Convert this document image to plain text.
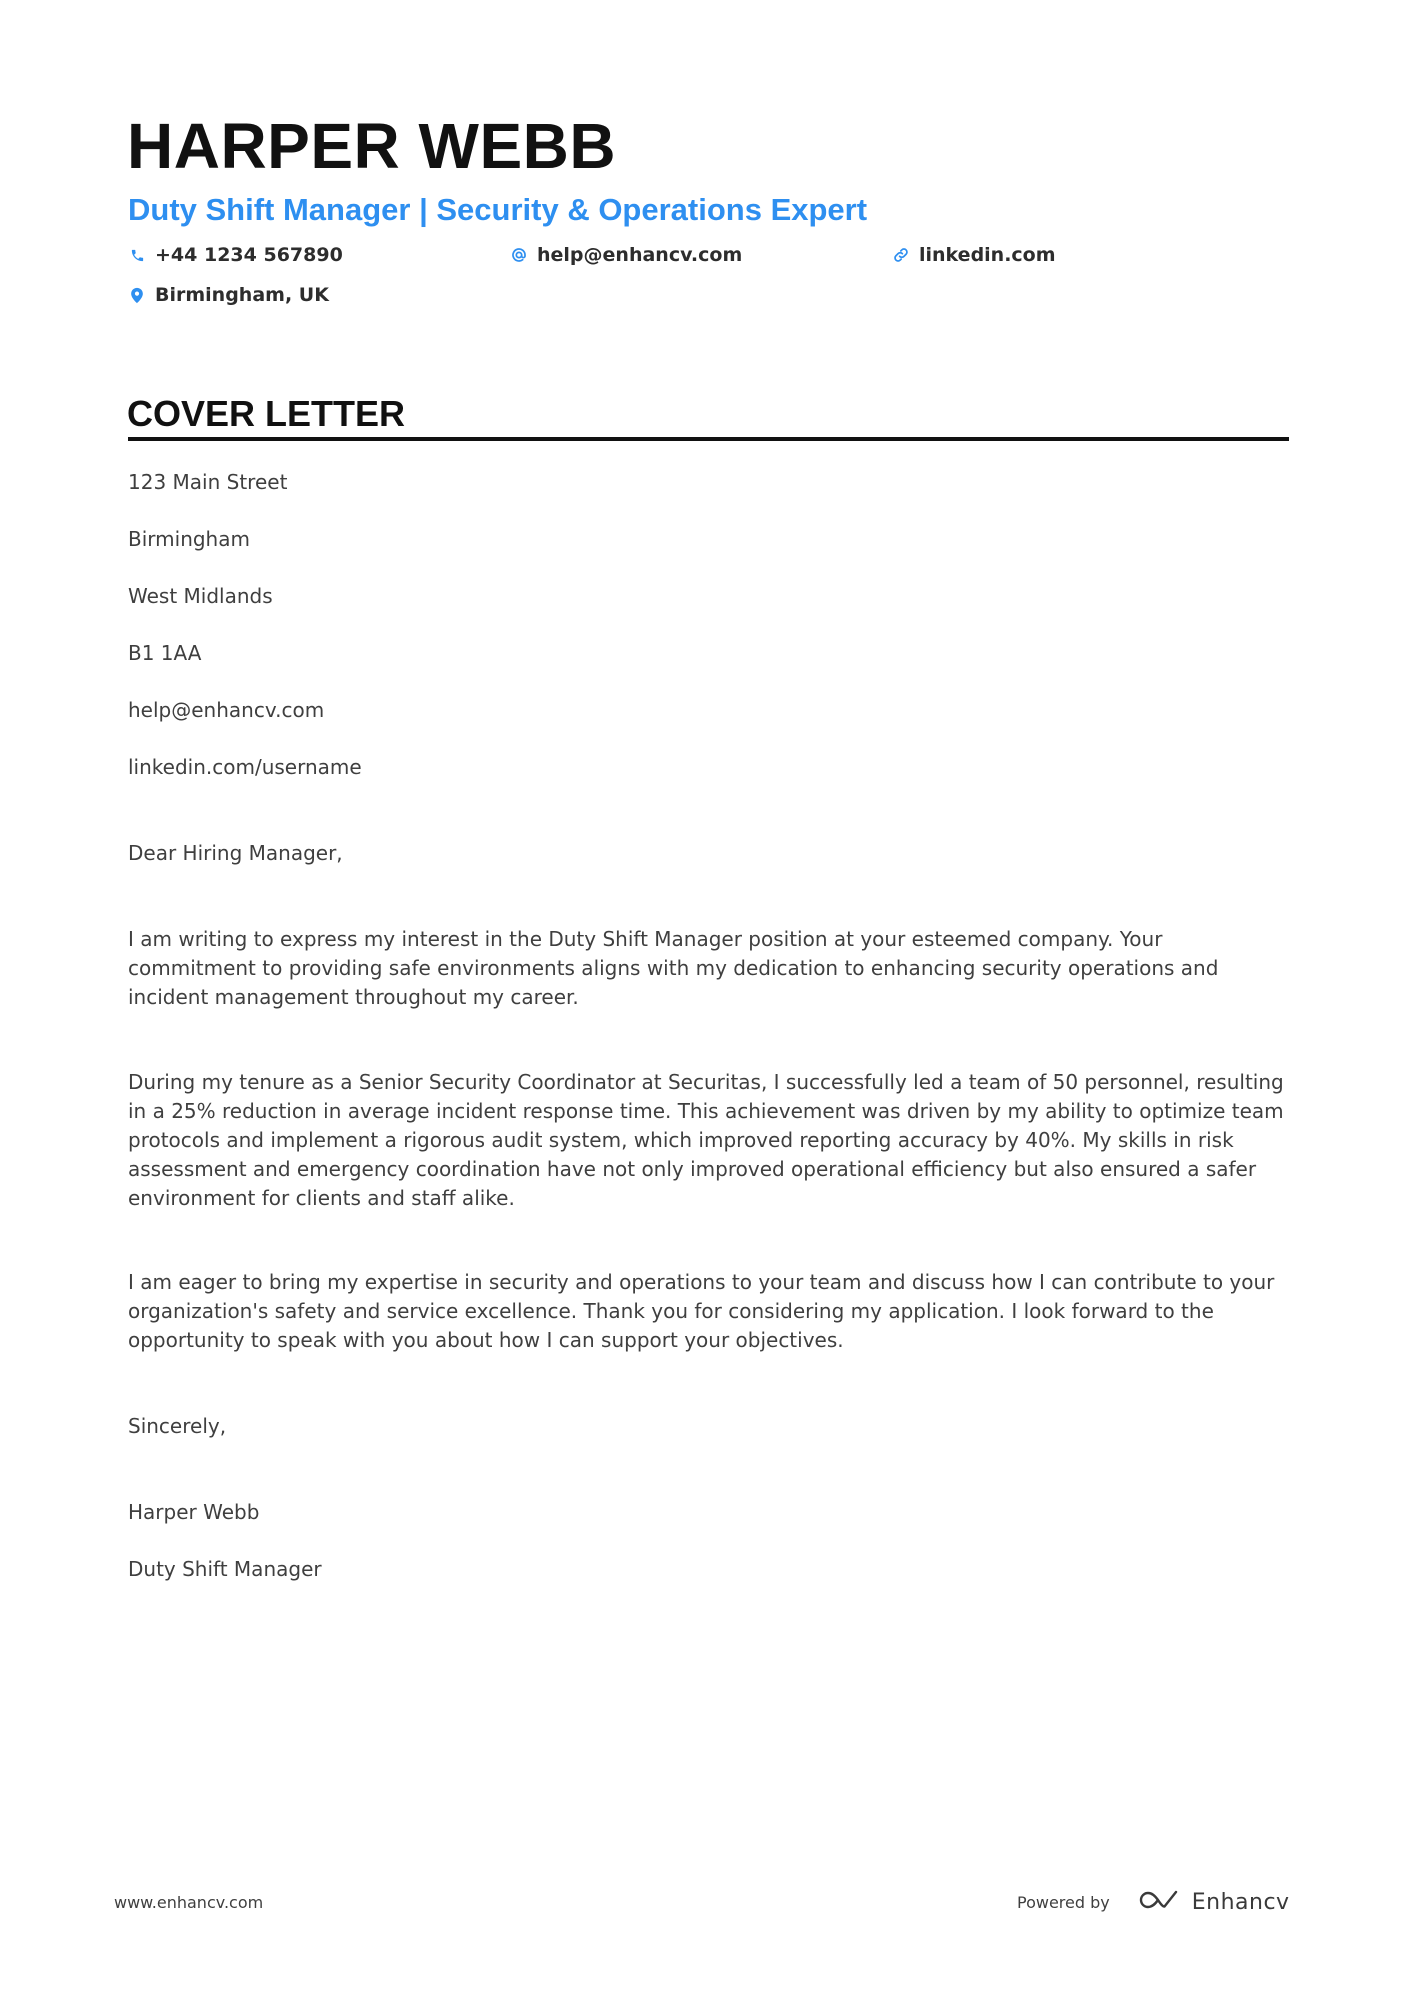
HARPER WEBB
Duty Shift Manager | Security & Operations Expert
+44 1234 567890	help@enhancv.com	linkedin.com
Birmingham, UK
COVER LETTER

123 Main Street

Birmingham

West Midlands

B1 1AA

help@enhancv.com

linkedin.com/username

Dear Hiring Manager,

I am writing to express my interest in the Duty Shift Manager position at your esteemed company. Your commitment to providing safe environments aligns with my dedication to enhancing security operations and incident management throughout my career.

During my tenure as a Senior Security Coordinator at Securitas, I successfully led a team of 50 personnel, resulting in a 25% reduction in average incident response time. This achievement was driven by my ability to optimize team protocols and implement a rigorous audit system, which improved reporting accuracy by 40%. My skills in risk assessment and emergency coordination have not only improved operational efficiency but also ensured a safer environment for clients and staff alike.

I am eager to bring my expertise in security and operations to your team and discuss how I can contribute to your organization's safety and service excellence. Thank you for considering my application. I look forward to the opportunity to speak with you about how I can support your objectives.

Sincerely,

Harper Webb

Duty Shift Manager

www.enhancv.com	Powered by	Enhancv
